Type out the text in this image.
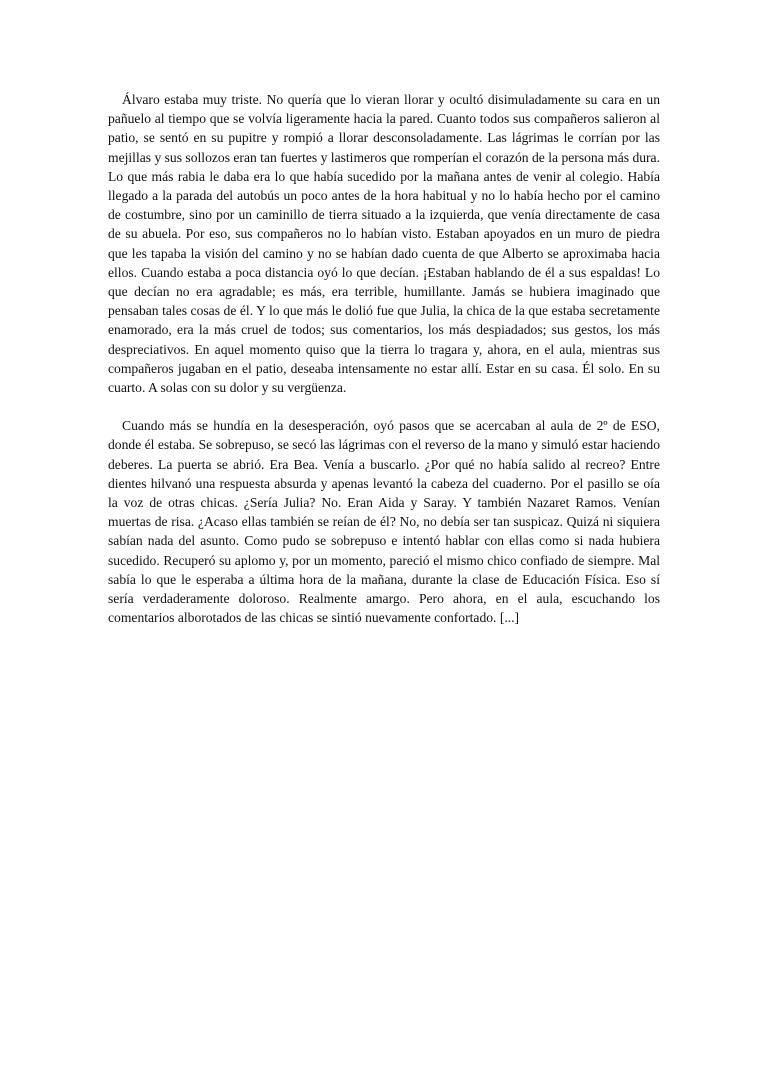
Álvaro estaba muy triste. No quería que lo vieran llorar y ocultó disimuladamente su cara en un pañuelo al tiempo que se volvía ligeramente hacia la pared. Cuanto todos sus compañeros salieron al patio, se sentó en su pupitre y rompió a llorar desconsoladamente. Las lágrimas le corrían por las mejillas y sus sollozos eran tan fuertes y lastimeros que romperían el corazón de la persona más dura. Lo que más rabia le daba era lo que había sucedido por la mañana antes de venir al colegio. Había llegado a la parada del autobús un poco antes de la hora habitual y no lo había hecho por el camino de costumbre, sino por un caminillo de tierra situado a la izquierda, que venía directamente de casa de su abuela. Por eso, sus compañeros no lo habían visto. Estaban apoyados en un muro de piedra que les tapaba la visión del camino y no se habían dado cuenta de que Alberto se aproximaba hacia ellos. Cuando estaba a poca distancia oyó lo que decían. ¡Estaban hablando de él a sus espaldas! Lo que decían no era agradable; es más, era terrible, humillante. Jamás se hubiera imaginado que pensaban tales cosas de él. Y lo que más le dolió fue que Julia, la chica de la que estaba secretamente enamorado, era la más cruel de todos; sus comentarios, los más despiadados; sus gestos, los más despreciativos. En aquel momento quiso que la tierra lo tragara y, ahora, en el aula, mientras sus compañeros jugaban en el patio, deseaba intensamente no estar allí. Estar en su casa. Él solo. En su cuarto. A solas con su dolor y su vergüenza.

Cuando más se hundía en la desesperación, oyó pasos que se acercaban al aula de 2º de ESO, donde él estaba. Se sobrepuso, se secó las lágrimas con el reverso de la mano y simuló estar haciendo deberes. La puerta se abrió. Era Bea. Venía a buscarlo. ¿Por qué no había salido al recreo? Entre dientes hilvanó una respuesta absurda y apenas levantó la cabeza del cuaderno. Por el pasillo se oía la voz de otras chicas. ¿Sería Julia? No. Eran Aida y Saray. Y también Nazaret Ramos. Venían muertas de risa. ¿Acaso ellas también se reían de él? No, no debía ser tan suspicaz. Quizá ni siquiera sabían nada del asunto. Como pudo se sobrepuso e intentó hablar con ellas como si nada hubiera sucedido. Recuperó su aplomo y, por un momento, pareció el mismo chico confiado de siempre. Mal sabía lo que le esperaba a última hora de la mañana, durante la clase de Educación Física. Eso sí sería verdaderamente doloroso. Realmente amargo. Pero ahora, en el aula, escuchando los comentarios alborotados de las chicas se sintió nuevamente confortado. [...]
